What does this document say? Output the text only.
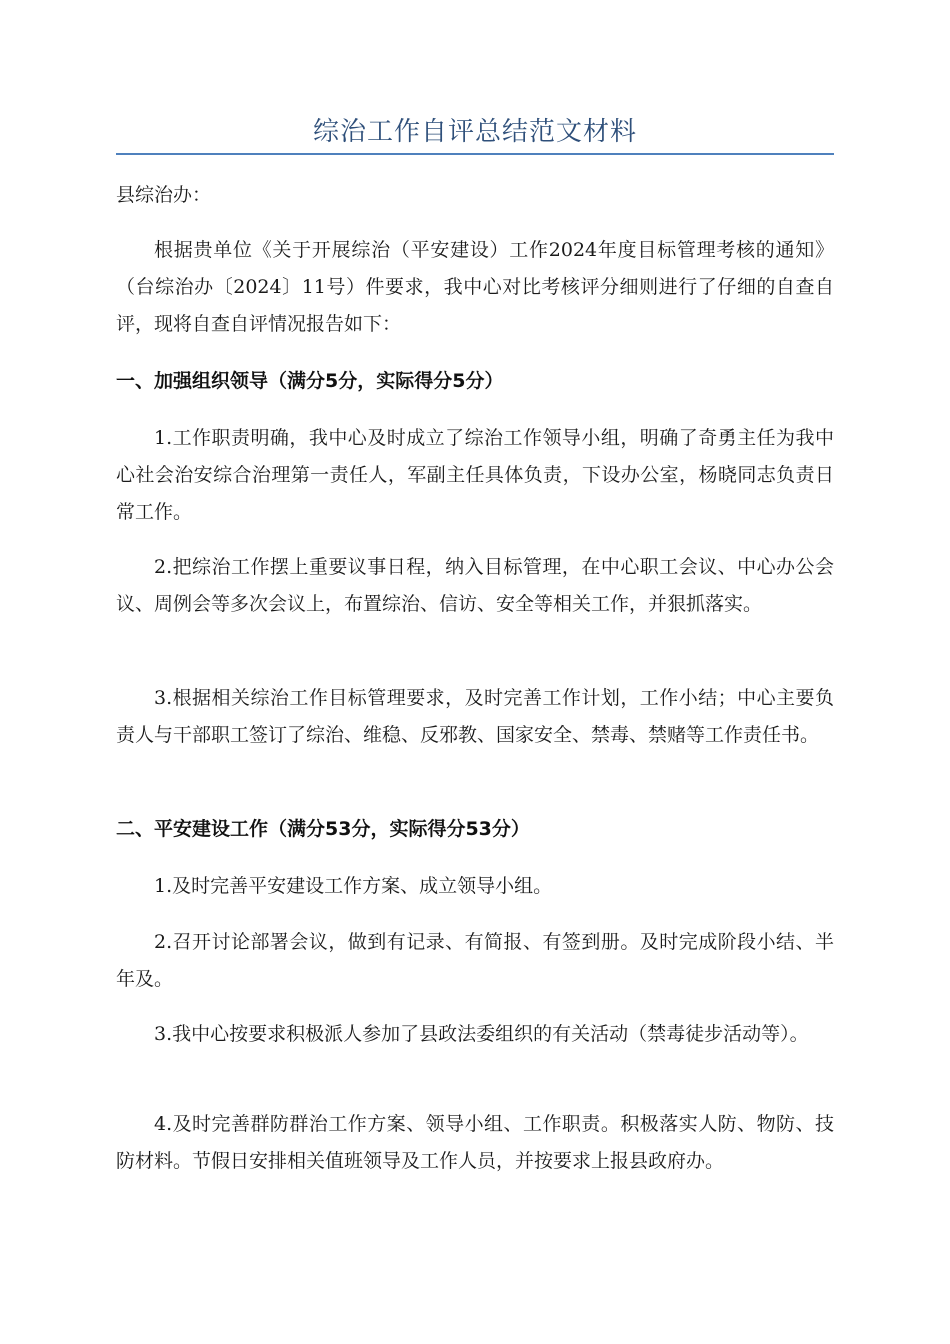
综治工作自评总结范文材料

县综治办：

根据贵单位《关于开展综治（平安建设）工作2024年度目标管理考核的通知》（台综治办〔2024〕11号）件要求，我中心对比考核评分细则进行了仔细的自查自评，现将自查自评情况报告如下：

一、加强组织领导（满分5分，实际得分5分）

1.工作职责明确，我中心及时成立了综治工作领导小组，明确了奇勇主任为我中心社会治安综合治理第一责任人，军副主任具体负责，下设办公室，杨晓同志负责日常工作。

2.把综治工作摆上重要议事日程，纳入目标管理，在中心职工会议、中心办公会议、周例会等多次会议上，布置综治、信访、安全等相关工作，并狠抓落实。

3.根据相关综治工作目标管理要求，及时完善工作计划，工作小结；中心主要负责人与干部职工签订了综治、维稳、反邪教、国家安全、禁毒、禁赌等工作责任书。

二、平安建设工作（满分53分，实际得分53分）

1.及时完善平安建设工作方案、成立领导小组。

2.召开讨论部署会议，做到有记录、有简报、有签到册。及时完成阶段小结、半年及。

3.我中心按要求积极派人参加了县政法委组织的有关活动（禁毒徒步活动等）。

4.及时完善群防群治工作方案、领导小组、工作职责。积极落实人防、物防、技防材料。节假日安排相关值班领导及工作人员，并按要求上报县政府办。
